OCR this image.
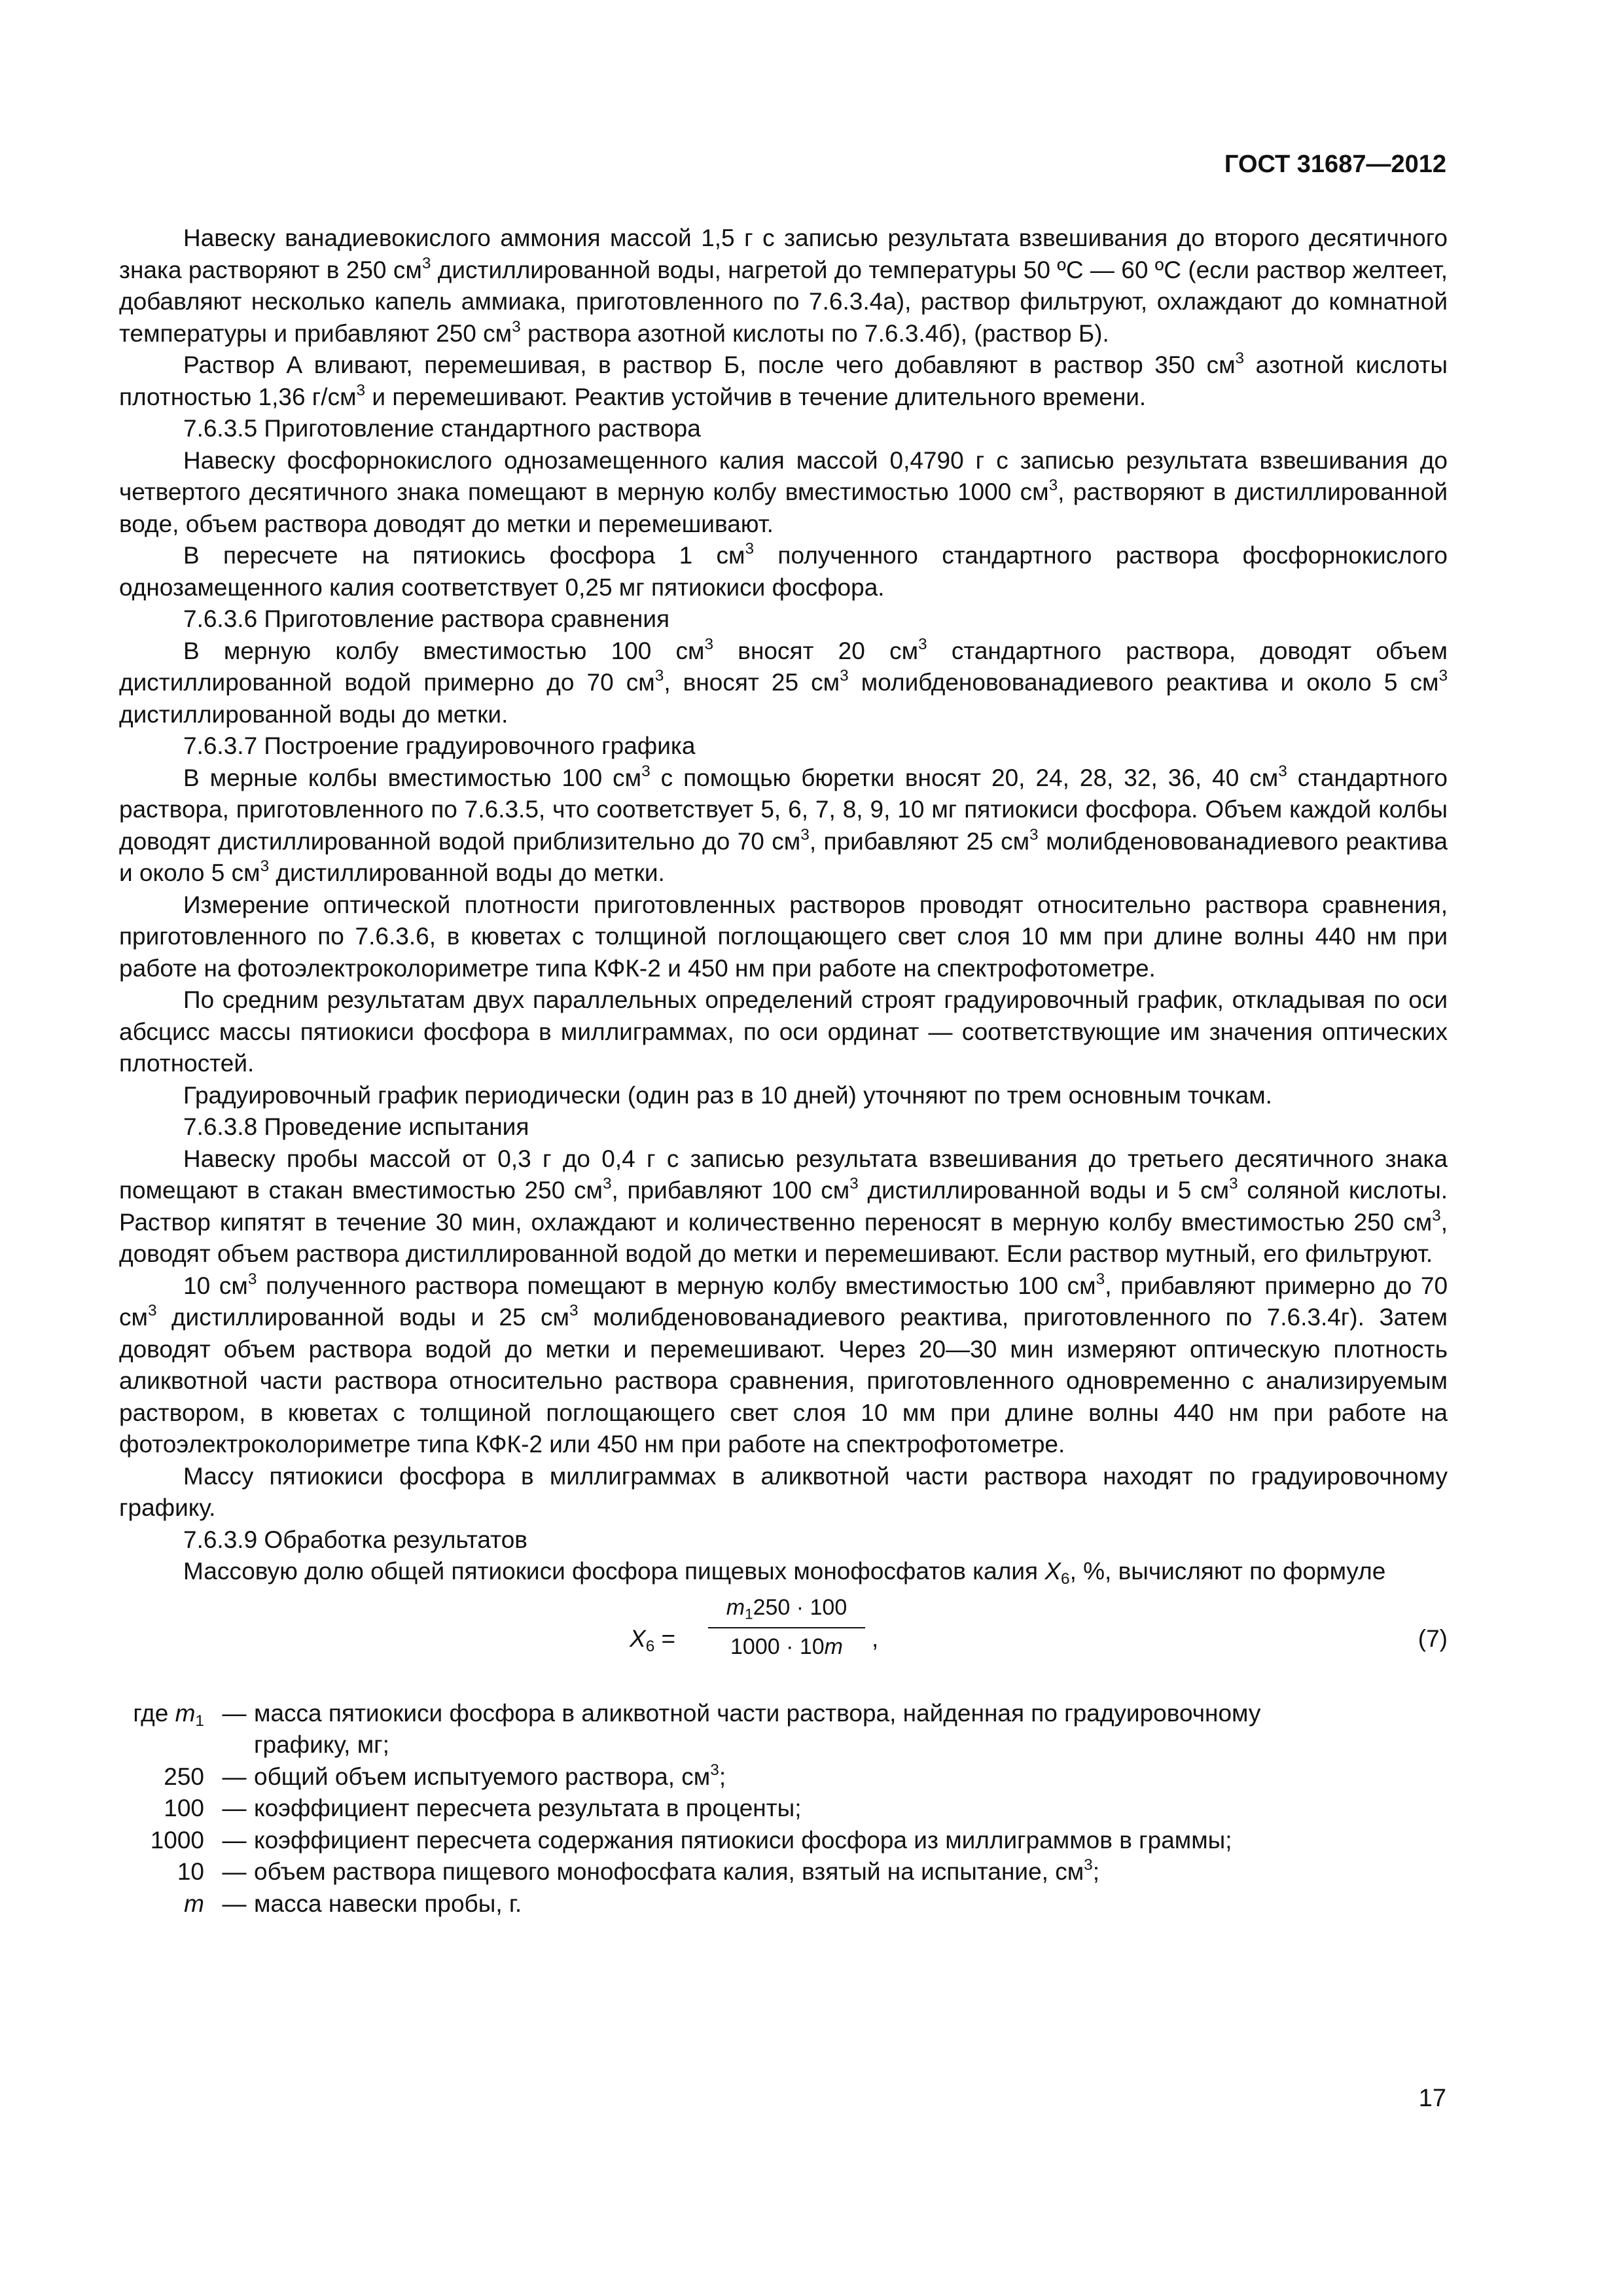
ГОСТ 31687—2012

Навеску ванадиевокислого аммония массой 1,5 г с записью результата взвешивания до второго десятичного знака растворяют в 250 $см^3$ дистиллированной воды, нагретой до температуры 50 ºС — 60 ºС (если раствор желтеет, добавляют несколько капель аммиака, приготовленного по 7.6.3.4а), раствор фильтруют, охлаждают до комнатной температуры и прибавляют 250 $см^3$ раствора азотной кислоты по 7.6.3.4б), (раствор Б).

Раствор А вливают, перемешивая, в раствор Б, после чего добавляют в раствор 350 $см^3$ азотной кислоты плотностью 1,36 $г/см^3$ и перемешивают. Реактив устойчив в течение длительного времени.

7.6.3.5 Приготовление стандартного раствора

Навеску фосфорнокислого однозамещенного калия массой 0,4790 г с записью результата взвешивания до четвертого десятичного знака помещают в мерную колбу вместимостью 1000 $см^3$, растворяют в дистиллированной воде, объем раствора доводят до метки и перемешивают.

В пересчете на пятиокись фосфора 1 $см^3$ полученного стандартного раствора фосфорнокислого однозамещенного калия соответствует 0,25 мг пятиокиси фосфора.

7.6.3.6 Приготовление раствора сравнения

В мерную колбу вместимостью 100 $см^3$ вносят 20 $см^3$ стандартного раствора, доводят объем дистиллированной водой примерно до 70 $см^3$, вносят 25 $см^3$ молибденовованадиевого реактива и около 5 $см^3$ дистиллированной воды до метки.

7.6.3.7 Построение градуировочного графика

В мерные колбы вместимостью 100 $см^3$ с помощью бюретки вносят 20, 24, 28, 32, 36, 40 $см^3$ стандартного раствора, приготовленного по 7.6.3.5, что соответствует 5, 6, 7, 8, 9, 10 мг пятиокиси фосфора. Объем каждой колбы доводят дистиллированной водой приблизительно до 70 $см^3$, прибавляют 25 $см^3$ молибденовованадиевого реактива и около 5 $см^3$ дистиллированной воды до метки.

Измерение оптической плотности приготовленных растворов проводят относительно раствора сравнения, приготовленного по 7.6.3.6, в кюветах с толщиной поглощающего свет слоя 10 мм при длине волны 440 нм при работе на фотоэлектроколориметре типа КФК-2 и 450 нм при работе на спектрофотометре.

По средним результатам двух параллельных определений строят градуировочный график, откладывая по оси абсцисс массы пятиокиси фосфора в миллиграммах, по оси ординат — соответствующие им значения оптических плотностей.

Градуировочный график периодически (один раз в 10 дней) уточняют по трем основным точкам.

7.6.3.8 Проведение испытания

Навеску пробы массой от 0,3 г до 0,4 г с записью результата взвешивания до третьего десятичного знака помещают в стакан вместимостью 250 $см^3$, прибавляют 100 $см^3$ дистиллированной воды и 5 $см^3$ соляной кислоты. Раствор кипятят в течение 30 мин, охлаждают и количественно переносят в мерную колбу вместимостью 250 $см^3$, доводят объем раствора дистиллированной водой до метки и перемешивают. Если раствор мутный, его фильтруют.

10 $см^3$ полученного раствора помещают в мерную колбу вместимостью 100 $см^3$, прибавляют примерно до 70 $см^3$ дистиллированной воды и 25 $см^3$ молибденовованадиевого реактива, приготовленного по 7.6.3.4г). Затем доводят объем раствора водой до метки и перемешивают. Через 20—30 мин измеряют оптическую плотность аликвотной части раствора относительно раствора сравнения, приготовленного одновременно с анализируемым раствором, в кюветах с толщиной поглощающего свет слоя 10 мм при длине волны 440 нм при работе на фотоэлектроколориметре типа КФК-2 или 450 нм при работе на спектрофотометре.

Массу пятиокиси фосфора в миллиграммах в аликвотной части раствора находят по градуировочному графику.

7.6.3.9 Обработка результатов

Массовую долю общей пятиокиси фосфора пищевых монофосфатов калия $X_6$, %, вычисляют по формуле

$X_6 = \frac{m_1250 \cdot 100}{1000 \cdot 10m}$ ,	(7)
где $m_1$ — масса пятиокиси фосфора в аликвотной части раствора, найденная по градуировочному
графику, мг;
250 — общий объем испытуемого раствора, $см^3$;
100 — коэффициент пересчета результата в проценты;
1000 — коэффициент пересчета содержания пятиокиси фосфора из миллиграммов в граммы;
10 — объем раствора пищевого монофосфата калия, взятый на испытание, $см^3$;
m — масса навески пробы, г.
17
